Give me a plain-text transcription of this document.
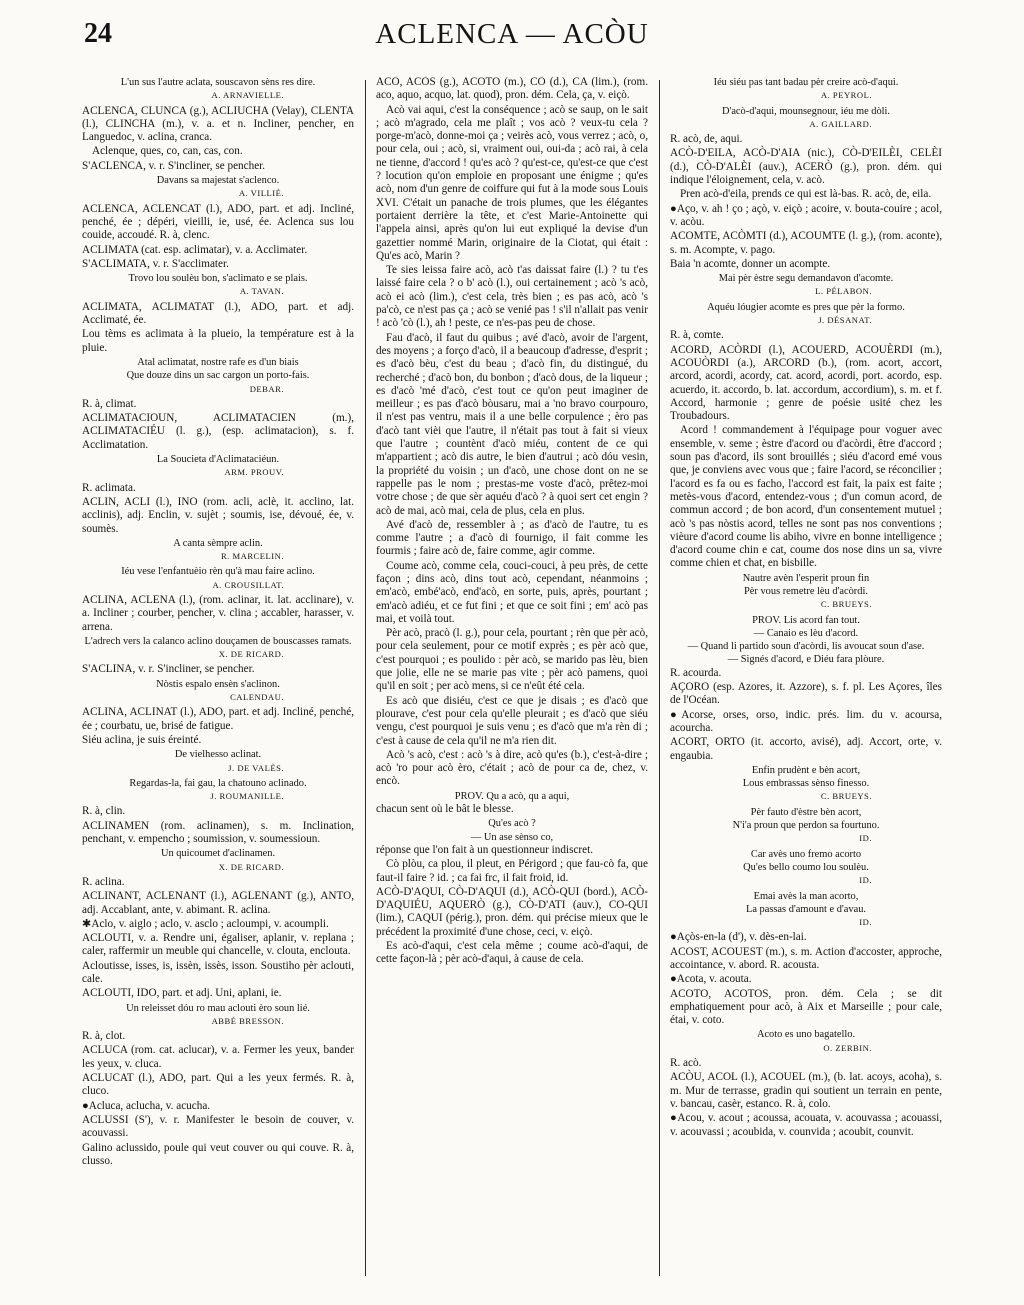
24	ACLENCA — ACÒU

L'un sus l'autre aclata, souscavon sèns res dire.

A. ARNAVIELLE.

ACLENCA, CLUNCA (g.), ACLIUCHA (Velay), CLENTA (l.), CLINCHA (m.), v. a. et n. Incliner, pencher, en Languedoc, v. aclina, cranca.

Aclenque, ques, co, can, cas, con.

S'ACLENCA, v. r. S'incliner, se pencher.

Davans sa majestat s'aclenco.

A. VILLIÉ.

ACLENCA, ACLENCAT (l.), ADO, part. et adj. Incliné, penché, ée ; dépéri, vieilli, ie, usé, ée. Aclenca sus lou couide, accoudé. R. à, clenc.

ACLIMATA (cat. esp. aclimatar), v. a. Acclimater.

S'ACLIMATA, v. r. S'acclimater.

Trovo lou soulèu bon, s'aclimato e se plais.

A. TAVAN.

ACLIMATA, ACLIMATAT (l.), ADO, part. et adj. Acclimaté, ée.

Lou tèms es aclimata à la plueio, la température est à la pluie.

Atal aclimatat, nostre rafe es d'un biais

Que douze dins un sac cargon un porto-fais.

DEBAR.

R. à, climat.

ACLIMATACIOUN, ACLIMATACIEN (m.), ACLIMATACIÉU (l. g.), (esp. aclimatacion), s. f. Acclimatation.

La Soucieta d'Aclimataciéun.

ARM. PROUV.

R. aclimata.

ACLIN, ACLI (l.), INO (rom. acli, aclè, it. acclino, lat. acclinis), adj. Enclin, v. sujèt ; soumis, ise, dévoué, ée, v. soumès.

A canta sèmpre aclin.

R. MARCELIN.

Iéu vese l'enfantuèio rèn qu'à mau faire aclino.

A. CROUSILLAT.

ACLINA, ACLENA (l.), (rom. aclinar, it. lat. acclinare), v. a. Incliner ; courber, pencher, v. clina ; accabler, harasser, v. arrena.

L'adrech vers la calanco aclino douçamen de bouscasses ramats.

X. DE RICARD.

S'ACLINA, v. r. S'incliner, se pencher.

Nòstis espalo ensèn s'aclinon.

CALENDAU.

ACLINA, ACLINAT (l.), ADO, part. et adj. Incliné, penché, ée ; courbatu, ue, brisé de fatigue.

Siéu aclina, je suis éreinté.

De vielhesso aclinat.

J. DE VALÈS.

Regardas-la, fai gau, la chatouno aclinado.

J. ROUMANILLE.

R. à, clin.

ACLINAMEN (rom. aclinamen), s. m. Inclination, penchant, v. empencho ; soumission, v. soumessioun.

Un quicoumet d'aclinamen.

X. DE RICARD.

R. aclina.

ACLINANT, ACLENANT (l.), AGLENANT (g.), ANTO, adj. Accablant, ante, v. abimant. R. aclina.

✱Aclo, v. aiglo ; aclo, v. asclo ; acloumpi, v. acoumpli.

ACLOUTI, v. a. Rendre uni, égaliser, aplanir, v. replana ; caler, raffermir un meuble qui chancelle, v. clouta, enclouta.

Acloutisse, isses, is, issèn, issès, isson. Soustiho pèr aclouti, cale.

ACLOUTI, IDO, part. et adj. Uni, aplani, ie.

Un releisset dóu ro mau aclouti èro soun lié.

ABBÉ BRESSON.

R. à, clot.

ACLUCA (rom. cat. aclucar), v. a. Fermer les yeux, bander les yeux, v. cluca.

ACLUCAT (l.), ADO, part. Qui a les yeux fermés. R. à, cluco.

●Acluca, aclucha, v. acucha.

ACLUSSI (S'), v. r. Manifester le besoin de couver, v. acouvassi.

Galino aclussido, poule qui veut couver ou qui couve. R. à, clusso.

ACÒ, ACÒS (g.), ACOTO (m.), CÒ (d.), CA (lim.), (rom. aco, aquo, acquo, lat. quod), pron. dém. Cela, ça, v. eiçò.

Acò vai aqui, c'est la conséquence ; acò se saup, on le sait ; acò m'agrado, cela me plaît ; vos acò ? veux-tu cela ? porge-m'acò, donne-moi ça ; veirès acò, vous verrez ; acò, o, pour cela, oui ; acò, si, vraiment oui, oui-da ; acò rai, à cela ne tienne, d'accord ! qu'es acò ? qu'est-ce, qu'est-ce que c'est ? locution qu'on emploie en proposant une énigme ; qu'es acò, nom d'un genre de coiffure qui fut à la mode sous Louis XVI. C'était un panache de trois plumes, que les élégantes portaient derrière la tête, et c'est Marie-Antoinette qui l'appela ainsi, après qu'on lui eut expliqué la devise d'un gazettier nommé Marin, originaire de la Ciotat, qui était : Qu'es acò, Marin ?

Te sies leissa faire acò, acò t'as daissat faire (l.) ? tu t'es laissé faire cela ? o b' acò (l.), oui certainement ; acò 's acò, acò ei acò (lim.), c'est cela, très bien ; es pas acò, acò 's pa'cò, ce n'est pas ça ; acò se venié pas ! s'il n'allait pas venir ! acò 'cò (l.), ah ! peste, ce n'es-pas peu de chose.

Fau d'acò, il faut du quibus ; avé d'acò, avoir de l'argent, des moyens ; a forço d'acò, il a beaucoup d'adresse, d'esprit ; es d'acò bèu, c'est du beau ; d'acò fin, du distingué, du recherché ; d'acò bon, du bonbon ; d'acò dous, de la liqueur ; es d'acò 'mé d'acò, c'est tout ce qu'on peut imaginer de meilleur ; es pas d'acò bòusaru, mai a 'no bravo courpouro, il n'est pas ventru, mais il a une belle corpulence ; èro pas d'acò tant vièi que l'autre, il n'était pas tout à fait si vieux que l'autre ; countènt d'acò miéu, content de ce qui m'appartient ; acò dis autre, le bien d'autrui ; acò dóu vesin, la propriété du voisin ; un d'acò, une chose dont on ne se rappelle pas le nom ; prestas-me voste d'acò, prêtez-moi votre chose ; de que sèr aquéu d'acò ? à quoi sert cet engin ? acò de mai, acò mai, cela de plus, cela en plus.

Avé d'acò de, ressembler à ; as d'acò de l'autre, tu es comme l'autre ; a d'acò di fournigo, il fait comme les fourmis ; faire acò de, faire comme, agir comme.

Coume acò, comme cela, couci-couci, à peu près, de cette façon ; dins acò, dins tout acò, cependant, néanmoins ; em'acò, embé'acò, end'acò, en sorte, puis, après, pourtant ; em'acò adiéu, et ce fut fini ; et que ce soit fini ; em' acò pas mai, et voilà tout.

Pèr acò, pracò (l. g.), pour cela, pourtant ; rèn que pèr acò, pour cela seulement, pour ce motif exprès ; es pèr acò que, c'est pourquoi ; es poulido : pèr acò, se marido pas lèu, bien que jolie, elle ne se marie pas vite ; pèr acò pamens, quoi qu'il en soit ; per acò mens, si ce n'eût été cela.

Es acò que disiéu, c'est ce que je disais ; es d'acò que plourave, c'est pour cela qu'elle pleurait ; es d'acò que siéu vengu, c'est pourquoi je suis venu ; es d'acò que m'a rèn di ; c'est à cause de cela qu'il ne m'a rien dit.

Acò 's acò, c'est : acò 's à dire, acò qu'es (b.), c'est-à-dire ; acò 'ro pour acò èro, c'était ; acò de pour ca de, chez, v. encò.

PROV. Qu a acò, qu a aqui,

chacun sent où le bât le blesse.

Qu'es acò ?

— Un ase sènso co,

réponse que l'on fait à un questionneur indiscret.

Cò plòu, ca plou, il pleut, en Périgord ; que fau-cò fa, que faut-il faire ? id. ; ca fai frc, il fait froid, id.

ACÒ-D'AQUI, CÒ-D'AQUI (d.), ACÒ-QUI (bord.), ACÒ-D'AQUIÉU, AQUERÒ (g.), CÒ-D'ATI (auv.), CO-QUI (lim.), CAQUI (périg.), pron. dém. qui précise mieux que le précédent la proximité d'une chose, ceci, v. eiçò.

Es acò-d'aqui, c'est cela même ; coume acò-d'aqui, de cette façon-là ; pèr acò-d'aqui, à cause de cela.

Iéu siéu pas tant badau pèr creire acò-d'aqui.

A. PEYROL.

D'acò-d'aqui, mounsegnour, iéu me dòli.

A. GAILLARD.

R. acò, de, aqui.

ACÒ-D'EILA, ACÒ-D'AIA (nic.), CÒ-D'EILÈI, CELÈI (d.), CÒ-D'ALÈI (auv.), ACERÒ (g.), pron. dém. qui indique l'éloignement, cela, v. acò.

Pren acò-d'eila, prends ce qui est là-bas. R. acò, de, eila.

●Aço, v. ah ! ço ; açò, v. eiçò ; acoire, v. bouta-couire ; acol, v. acòu.

ACOMTE, ACÒMTI (d.), ACOUMTE (l. g.), (rom. aconte), s. m. Acompte, v. pago.

Baia 'n acomte, donner un acompte.

Mai pèr èstre segu demandavon d'acomte.

L. PÉLABON.

Aquéu lóugier acomte es pres que pèr la formo.

J. DÉSANAT.

R. à, comte.

ACORD, ACÒRDI (l.), ACOUERD, ACOUÈRDI (m.), ACOUÒRDI (a.), ARCORD (b.), (rom. acort, accort, arcord, acordi, acordy, cat. acord, acordi, port. acordo, esp. acuerdo, it. accordo, b. lat. accordum, accordium), s. m. et f. Accord, harmonie ; genre de poésie usité chez les Troubadours.

Acord ! commandement à l'équipage pour voguer avec ensemble, v. seme ; èstre d'acord ou d'acòrdi, être d'accord ; soun pas d'acord, ils sont brouillés ; siéu d'acord emé vous que, je conviens avec vous que ; faire l'acord, se réconcilier ; l'acord es fa ou es facho, l'accord est fait, la paix est faite ; metès-vous d'acord, entendez-vous ; d'un comun acord, de commun accord ; de bon acord, d'un consentement mutuel ; acò 's pas nòstis acord, telles ne sont pas nos conventions ; vièure d'acord coume lis abiho, vivre en bonne intelligence ; d'acord coume chin e cat, coume dos nose dins un sa, vivre comme chien et chat, en bisbille.

Nautre avèn l'esperit proun fin

Pèr vous remetre lèu d'acòrdi.

C. BRUEYS.

PROV. Lis acord fan tout.

— Canaio es lèu d'acord.

— Quand li partido soun d'acòrdi, lis avoucat soun d'ase.

— Signés d'acord, e Diéu fara plòure.

R. acourda.

AÇORO (esp. Azores, it. Azzore), s. f. pl. Les Açores, îles de l'Océan.

●Acorse, orses, orso, indic. prés. lim. du v. acoursa, acourcha.

ACORT, ORTO (it. accorto, avisé), adj. Accort, orte, v. engaubia.

Enfin prudènt e bèn acort,

Lous embrassas sènso finesso.

C. BRUEYS.

Pèr fauto d'èstre bèn acort,

N'i'a proun que perdon sa fourtuno.

ID.

Car avès uno fremo acorto

Qu'es bello coumo lou soulèu.

ID.

Emai avès la man acorto,

La passas d'amount e d'avau.

ID.

●Açòs-en-la (d'), v. dès-en-lai.

ACOST, ACOUEST (m.), s. m. Action d'accoster, approche, accointance, v. abord. R. acousta.

●Acota, v. acouta.

ACOTO, ACOTOS, pron. dém. Cela ; se dit emphatiquement pour acò, à Aix et Marseille ; pour cale, étai, v. coto.

Acoto es uno bagatello.

O. ZERBIN.

R. acò.

ACÒU, ACOL (l.), ACOUEL (m.), (b. lat. acoys, acoha), s. m. Mur de terrasse, gradin qui soutient un terrain en pente, v. bancau, casèr, estanco. R. à, colo.

●Acou, v. acout ; acoussa, acouata, v. acouvassa ; acouassi, v. acouvassi ; acoubida, v. counvida ; acoubit, counvit.
